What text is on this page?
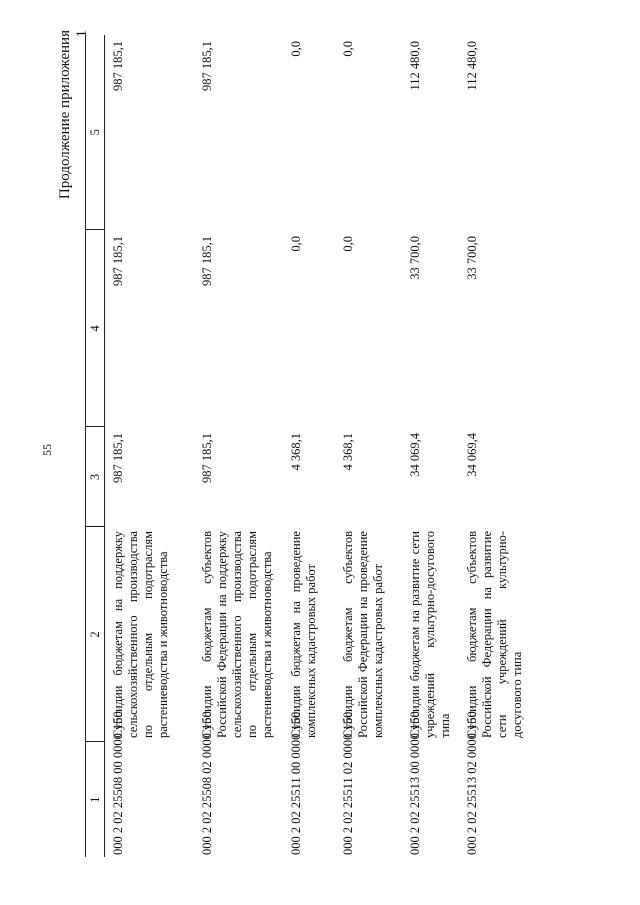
55
Продолжение приложения 1
1	2	3	4	5
000 2 02 25508 00 0000 150	Субсидии бюджетам на поддержку сельскохозяйственного производства по отдельным подотраслям растениеводства и животноводства	987 185,1	987 185,1	987 185,1
000 2 02 25508 02 0000 150	Субсидии бюджетам субъектов Российской Федерации на поддержку сельскохозяйственного производства по отдельным подотраслям растениеводства и животноводства	987 185,1	987 185,1	987 185,1
000 2 02 25511 00 0000 150	Субсидии бюджетам на проведение комплексных кадастровых работ	4 368,1	0,0	0,0
000 2 02 25511 02 0000 150	Субсидии бюджетам субъектов Российской Федерации на проведение комплексных кадастровых работ	4 368,1	0,0	0,0
000 2 02 25513 00 0000 150	Субсидии бюджетам на развитие сети учреждений культурно-досугового типа	34 069,4	33 700,0	112 480,0
000 2 02 25513 02 0000 150	Субсидии бюджетам субъектов Российской Федерации на развитие сети учреждений культурно-досугового типа	34 069,4	33 700,0	112 480,0
